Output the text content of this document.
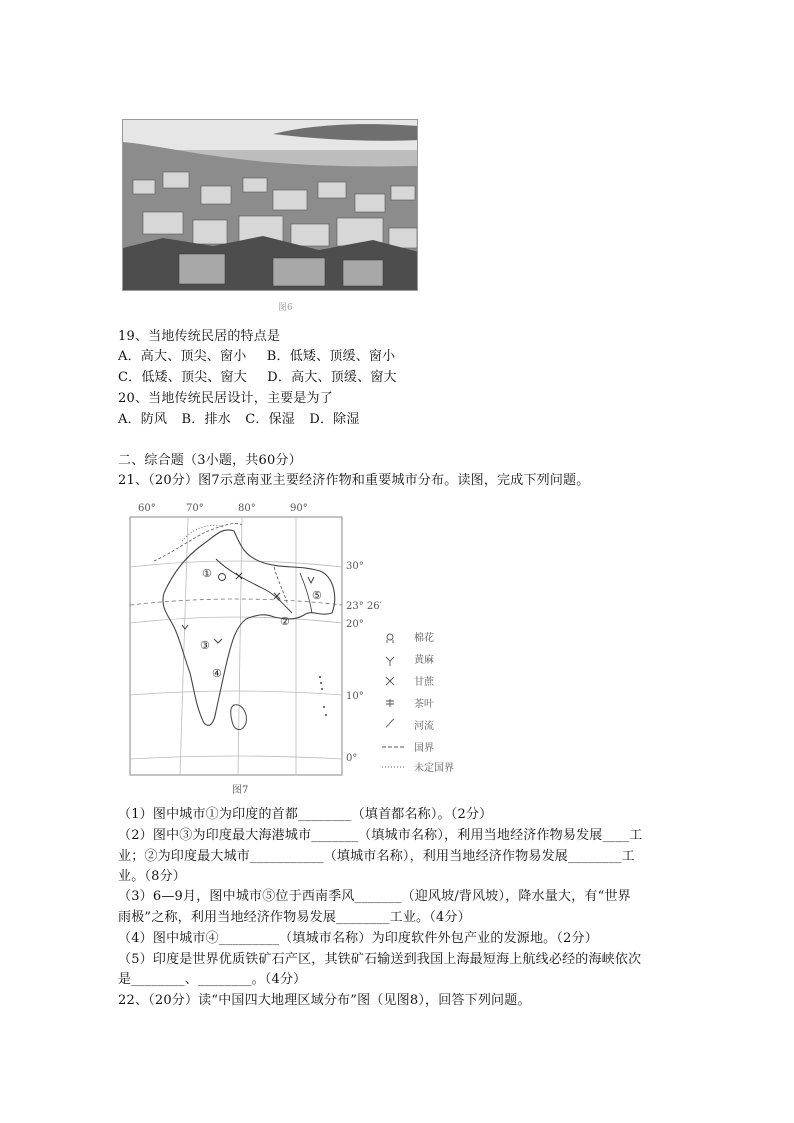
图6
19、当地传统民居的特点是
A．高大、顶尖、窗小 B．低矮、顶缓、窗小
C．低矮、顶尖、窗大 D．高大、顶缓、窗大
20、当地传统民居设计，主要是为了
A．防风 B．排水 C．保湿 D．除湿
二、综合题（3小题，共60分）
21、（20分）图7示意南亚主要经济作物和重要城市分布。读图，完成下列问题。
①
②
③
④
⑤
60°	70°	80°	90°
30°
23° 26′
20°
10°
0°
棉花
黄麻
甘蔗
茶叶
河流
国界
未定国界
图7
（1）图中城市①为印度的首都________（填首都名称）。（2分）
（2）图中③为印度最大海港城市_______（填城市名称），利用当地经济作物易发展____工
业；②为印度最大城市___________（填城市名称），利用当地经济作物易发展________工
业。（8分）
（3）6—9月，图中城市⑤位于西南季风_______（迎风坡/背风坡），降水量大，有“世界
雨极”之称，利用当地经济作物易发展________工业。（4分）
（4）图中城市④_________（填城市名称）为印度软件外包产业的发源地。（2分）
（5）印度是世界优质铁矿石产区，其铁矿石输送到我国上海最短海上航线必经的海峡依次
是________、________。（4分）
22、（20分）读“中国四大地理区域分布”图（见图8），回答下列问题。
